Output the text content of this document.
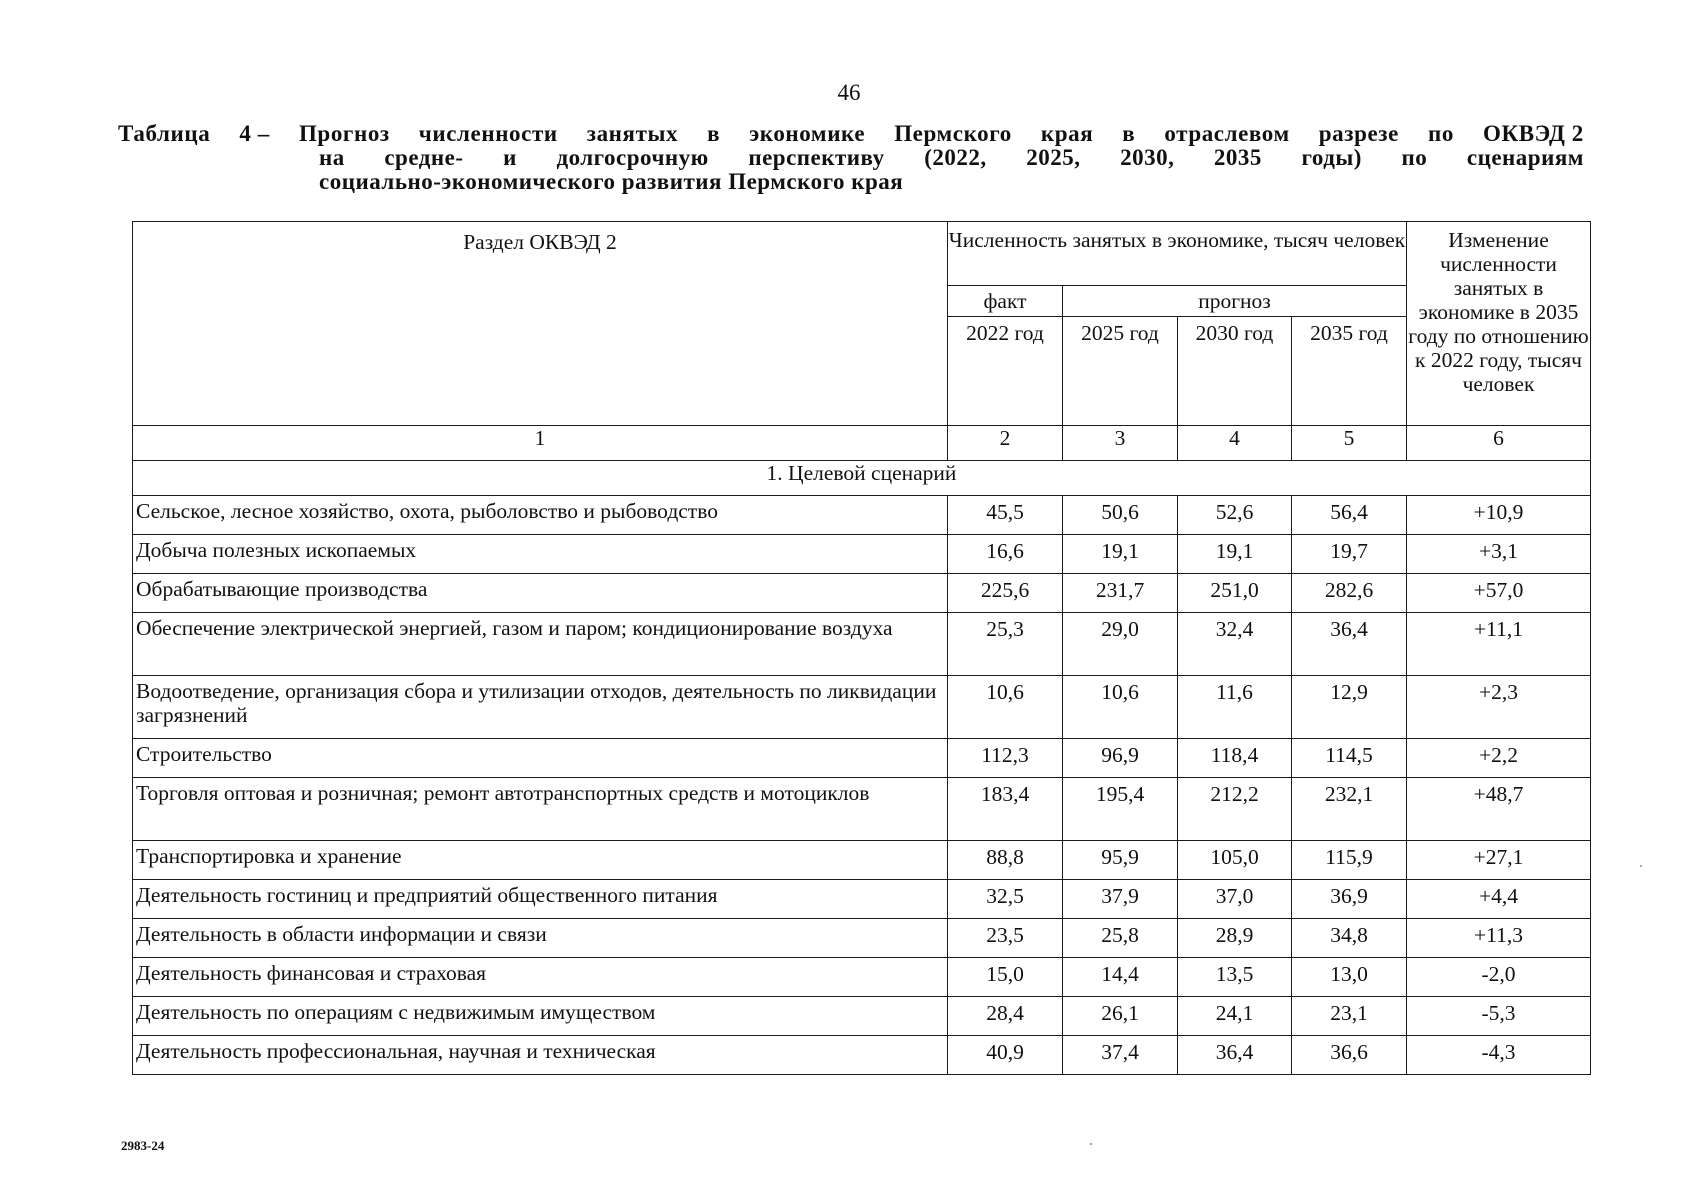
46
Таблица 4 – Прогноз численности занятых в экономике Пермского края в отраслевом разрезе по ОКВЭД 2
на средне- и долгосрочную перспективу (2022, 2025, 2030, 2035 годы) по сценариям
социально-экономического развития Пермского края
Раздел ОКВЭД 2	Численность занятых в экономике, тысяч человек				Изменение численности занятых в экономике в 2035 году по отношению к 2022 году, тысяч человек
	факт	прогноз			
	2022 год	2025 год	2030 год	2035 год	
1	2	3	4	5	6
1. Целевой сценарий					
Сельское, лесное хозяйство, охота, рыболовство и рыбоводство	45,5	50,6	52,6	56,4	+10,9
Добыча полезных ископаемых	16,6	19,1	19,1	19,7	+3,1
Обрабатывающие производства	225,6	231,7	251,0	282,6	+57,0
Обеспечение электрической энергией, газом и паром; кондиционирование воздуха	25,3	29,0	32,4	36,4	+11,1
Водоотведение, организация сбора и утилизации отходов, деятельность по ликвидации загрязнений	10,6	10,6	11,6	12,9	+2,3
Строительство	112,3	96,9	118,4	114,5	+2,2
Торговля оптовая и розничная; ремонт автотранспортных средств и мотоциклов	183,4	195,4	212,2	232,1	+48,7
Транспортировка и хранение	88,8	95,9	105,0	115,9	+27,1
Деятельность гостиниц и предприятий общественного питания	32,5	37,9	37,0	36,9	+4,4
Деятельность в области информации и связи	23,5	25,8	28,9	34,8	+11,3
Деятельность финансовая и страховая	15,0	14,4	13,5	13,0	-2,0
Деятельность по операциям с недвижимым имуществом	28,4	26,1	24,1	23,1	-5,3
Деятельность профессиональная, научная и техническая	40,9	37,4	36,4	36,6	-4,3
2983-24
